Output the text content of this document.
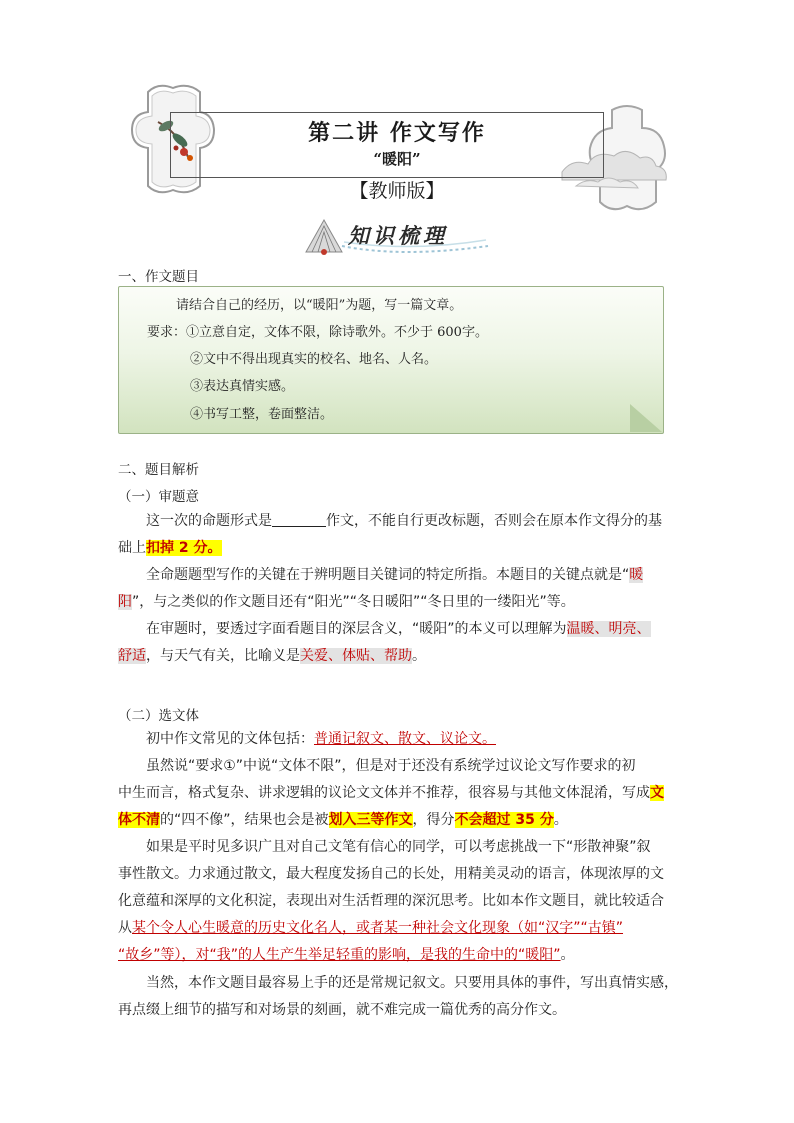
第二讲 作文写作
“暖阳”
【教师版】
知识梳理
一、作文题目
请结合自己的经历，以“暖阳”为题，写一篇文章。
要求：①立意自定，文体不限，除诗歌外。不少于 600字。
②文中不得出现真实的校名、地名、人名。
③表达真情实感。
④书写工整，卷面整洁。
二、题目解析
（一）审题意
这一次的命题形式是	作文，不能自行更改标题，否则会在原本作文得分的基
础上扣掉 2 分。
全命题题型写作的关键在于辨明题目关键词的特定所指。本题目的关键点就是“暖
阳”，与之类似的作文题目还有“阳光”“冬日暖阳”“冬日里的一缕阳光”等。
在审题时，要透过字面看题目的深层含义，“暖阳”的本义可以理解为温暖、明亮、
舒适，与天气有关，比喻义是关爱、体贴、帮助。
（二）选文体
初中作文常见的文体包括：普通记叙文、散文、议论文。
虽然说“要求①”中说“文体不限”，但是对于还没有系统学过议论文写作要求的初
中生而言，格式复杂、讲求逻辑的议论文文体并不推荐，很容易与其他文体混淆，写成文
体不清的“四不像”，结果也会是被划入三等作文，得分不会超过 35 分。
如果是平时见多识广且对自己文笔有信心的同学，可以考虑挑战一下“形散神聚”叙
事性散文。力求通过散文，最大程度发扬自己的长处，用精美灵动的语言，体现浓厚的文
化意蕴和深厚的文化积淀，表现出对生活哲理的深沉思考。比如本作文题目，就比较适合
从某个令人心生暖意的历史文化名人，或者某一种社会文化现象（如“汉字”“古镇”
“故乡”等），对“我”的人生产生举足轻重的影响，是我的生命中的“暖阳”。
当然，本作文题目最容易上手的还是常规记叙文。只要用具体的事件，写出真情实感，
再点缀上细节的描写和对场景的刻画，就不难完成一篇优秀的高分作文。
